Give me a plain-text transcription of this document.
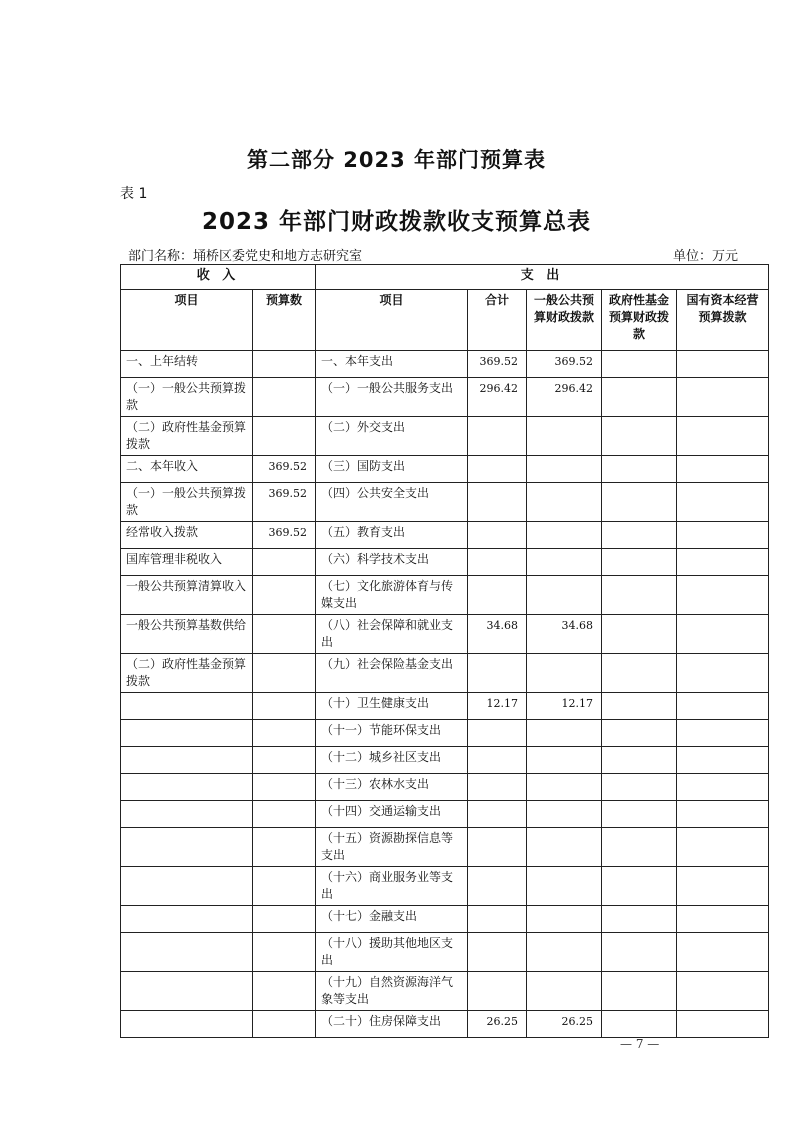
第二部分 2023 年部门预算表
表 1
2023 年部门财政拨款收支预算总表
部门名称：埇桥区委党史和地方志研究室	单位：万元
收 入		支 出				
项目	预算数	项目	合计	一般公共预算财政拨款	政府性基金预算财政拨款	国有资本经营预算拨款
一、上年结转		一、本年支出	369.52	369.52		
（一）一般公共预算拨款		（一）一般公共服务支出	296.42	296.42		
（二）政府性基金预算拨款		（二）外交支出				
二、本年收入	369.52	（三）国防支出				
（一）一般公共预算拨款	369.52	（四）公共安全支出				
经常收入拨款	369.52	（五）教育支出				
国库管理非税收入		（六）科学技术支出				
一般公共预算清算收入		（七）文化旅游体育与传媒支出				
一般公共预算基数供给		（八）社会保障和就业支出	34.68	34.68		
（二）政府性基金预算拨款		（九）社会保险基金支出				
		（十）卫生健康支出	12.17	12.17		
		（十一）节能环保支出				
		（十二）城乡社区支出				
		（十三）农林水支出				
		（十四）交通运输支出				
		（十五）资源勘探信息等支出				
		（十六）商业服务业等支出				
		（十七）金融支出				
		（十八）援助其他地区支出				
		（十九）自然资源海洋气象等支出				
		（二十）住房保障支出	26.25	26.25		
— 7 —
